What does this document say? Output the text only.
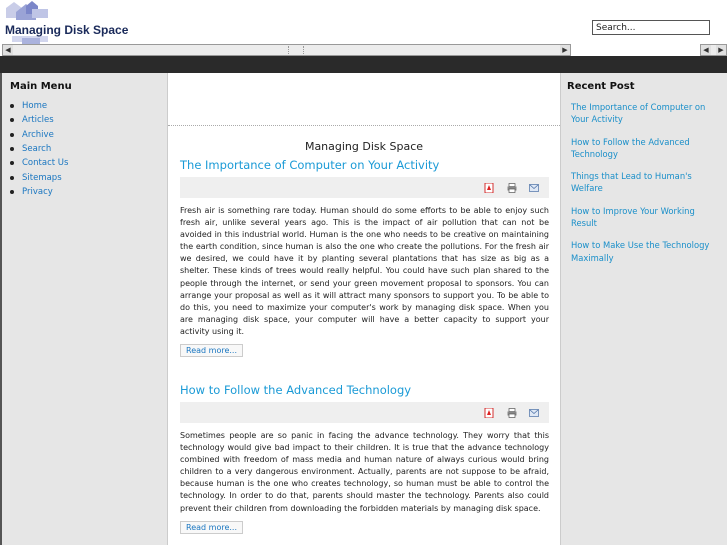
Managing Disk Space
Search...
◀	▶	◀	▶
Main Menu
Home
Articles
Archive
Search
Contact Us
Sitemaps
Privacy
Managing Disk Space
The Importance of Computer on Your Activity
Fresh air is something rare today. Human should do some efforts to be able to enjoy such fresh air, unlike several years ago. This is the impact of air pollution that can not be avoided in this industrial world. Human is the one who needs to be creative on maintaining the earth condition, since human is also the one who create the pollutions. For the fresh air we desired, we could have it by planting several plantations that has size as big as a shelter. These kinds of trees would really helpful. You could have such plan shared to the people through the internet, or send your green movement proposal to sponsors. You can arrange your proposal as well as it will attract many sponsors to support you. To be able to do this, you need to maximize your computer's work by managing disk space. When you are managing disk space, your computer will have a better capacity to support your activity using it.
Read more...
How to Follow the Advanced Technology
Sometimes people are so panic in facing the advance technology. They worry that this technology would give bad impact to their children. It is true that the advance technology combined with freedom of mass media and human nature of always curious would bring children to a very dangerous environment. Actually, parents are not suppose to be afraid, because human is the one who creates technology, so human must be able to control the technology. In order to do that, parents should master the technology. Parents also could prevent their children from downloading the forbidden materials by managing disk space.
Read more...
Recent Post
The Importance of Computer on Your Activity
How to Follow the Advanced Technology
Things that Lead to Human's Welfare
How to Improve Your Working Result
How to Make Use the Technology Maximally
